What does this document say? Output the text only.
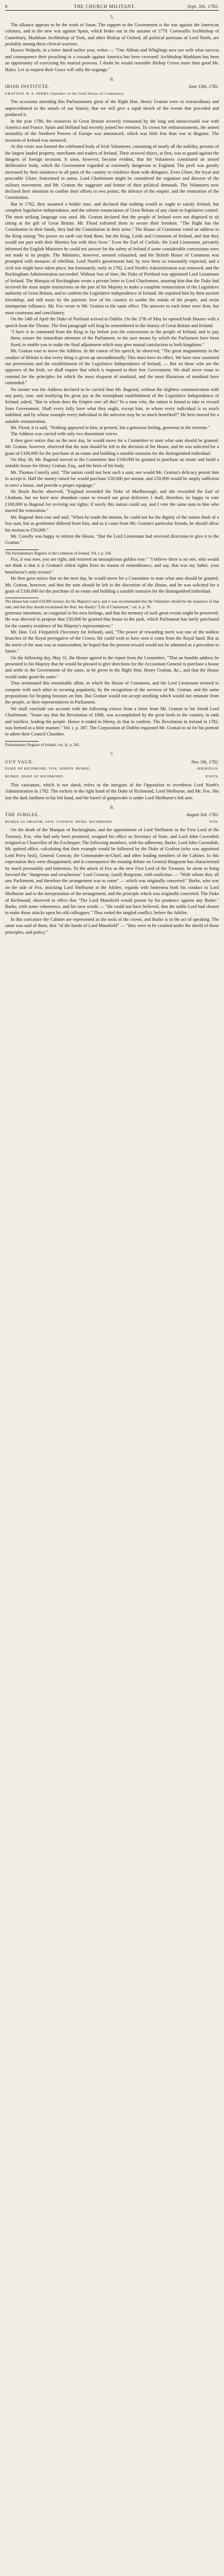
6	THE CHURCH MILITANT.	Sept. 5th, 1782.
5.

The alliance appears to be the work of Satan. The support to the Government is the war against the American colonies, and in the new war against Spain, which broke out in the autumn of 1779. Cornwallis Archbishop of Canterbury, Markham Archbishop of York, and other Bishop of Oxford, all political partisans of Lord North, are probably among these clerical warriors.

Horace Walpole, in a letter dated earlier year, writes — "Our Abbots and Whiglings now see with what success and consequence their preaching to a crusade against America has been crowned! Archbishop Markham has been an opportunity of exercising his martial prowess. I doubt he would resemble Bishop Crewe more than good Mr. Hales. Let us request their Grace will rally the oxgangs."

6.
IRISH INSTITUTE.	June 13th, 1782.
GRATTAN. R. S. PERRY (Speaker of the Irish House of Commons).

The occasions attending this Parliamentary great of the Right Hon. Henry Grattan were so extraordinary and unprecedented in the annals of our history, that we will give a rapid sketch of the events that preceded and produced it.

In the year 1780, the resources of Great Britain severely exhausted by the long and unsuccessful war with America and France. Spain and Holland had recently joined her enemies. To crown her embarrassments, the armed neutrality of the Northern Powers of Europe was announced, which was little less than war in disguise. The invasion of Ireland was menaced.

At this crisis was formed the celebrated body of Irish Volunteers, consisting of nearly all the nobility, persons of the largest landed property, merchants and traders of Ireland. Their avowed object, at first, was to guard against the dangers of foreign invasion. It soon, however, became evident, that the Volunteers constituted an armed deliberative body, which the Government regarded as extremely dangerous to England. The peril was greatly increased by their insistence in all parts of the country to reinforce them with delegates. Even Ulster, the loyal and peaceable Ulster, fraternised in union. Lord Charlemont might be considered the organiser and director of the military movement, and Mr. Grattan the suggester and framer of their political demands. The Volunteers now declared their intention to confine their efforts to two points; the defence of the empire, and the restoration of the Constitution.

But in 1782, they assumed a bolder tone, and declared that nothing would or ought to satisfy Ireland, but complete legislative independence, and the solemn renunciation of Great Britain of any claim to legislative control. The most striking language was used. Mr. Grattan declared that the people of Ireland were not disposed to sit sitting at the gift of Great Britain. Mr. Flood exhorted them to secure their freedom. "The Right has the Constitution in their hands, they had the Constitution in their arms." The House of Commons voted an address to the King stating "No power on earth can bind them, but the King, Lords and Commons of Ireland, and that they would not part with their liberties but with their lives." Even the Earl of Carlisle, the Lord Lieutenant, privately informed the English Ministers he could not answer for the safety of Ireland if some considerable concessions were not made to its people. The Ministers, however, seemed exhausted, and the British House of Commons was prompted with menaces of rebellion. Lord North's government had, by now been so reasonably expected, and a civil war might have taken place, but fortunately, early in 1782, Lord North's Administration was removed, and the Rockingham Administration succeeded. Without loss of time, the Duke of Portland was appointed Lord Lieutenant of Ireland. The Marquis of Rockingham wrote a private letter to Lord Charlemont, assuring him that the Duke had received the most ample instructions on the part of his Majesty to make a complete renunciation of the Legislative authority of Great Britain, and to confirm the Legislative independence of Ireland. He enjoined him by their ancient friendship, and still more by the patriotic love of his country to soothe the minds of the people, and resist intemperate influence. Mr. Fox wrote to Mr. Grattan to the same effect. The answers to each letter were firm, but most courteous and conciliatory.

On the 14th of April the Duke of Portland arrived in Dublin. On the 27th of May he opened both Houses with a speech from the Throne. The first paragraph will long be remembered in the history of Great Britain and Ireland:

"I have it in command from the King to lay before you the concessions to the people of Ireland, and to pay them, ensure the immediate attention of the Parliament, to the sure means by which the Parliament have been fixed, to enable you to make the final adjustment which may give mutual satisfaction to both kingdoms."

Mr. Grattan rose to move the Address. In the course of his speech, he observed, "The great magnanimity in the conduct of Britain is that every thing is given up unconditionally. This must have its effect. We have now sustained our pretensions and the establishment of the Legislative Independence of Ireland, — But on those who are the opposers of the Irish, we shall require that which is imposed to their free Government. We shall never cease to contend for the principles for which the most eloquent of mankind, and the most illustrious of mankind have contended."

No sooner was the Address declared to be carried than Mr. Bagenal, without the slightest communication with any party, rose, and testifying his great joy at the triumphant establishment of the Legislative Independence of Ireland, asked, "But to whom does the Empire owe all this? To a man who, the nation is bound to take to reward from Government. Shall every fully have what they ought, except him, to whom every individual is so much indebted, and by whose example every individual in the universe may be so much benefited?" He here moved for a suitable remuneration.

Mr. Flood, it is said, "Nothing appeared to him, at present, but a generous feeling, generous in the extreme."

The Address was carried with only two dissentient voices.

It then gave notice that on the next day, he would move for a Committee to state what sum should be granted. Mr. Grattan, however, observed that the sum should be left to the decision of the House, and he was solicited for a grant of £100,000 for the purchase of an estate and building a suitable mansion for the distinguished individual.

On May 30, Mr. Bagenal moved in the Committee that £100,000 be granted to purchase an estate and build a suitable house for Henry Grattan, Esq., and the heirs of his body.

Mr. Thomas Conolly said, "The nation could not bear such a sum; nor would Mr. Grattan's delicacy permit him to accept it. Half the money raised for would purchase £50,000 per annum, and £50,000 would be amply sufficient to erect a house, and provide a proper equipage."

Sir Boyle Roche observed, "England rewarded the Duke of Marlborough, and she rewarded the Earl of Chatham, but we have now abundant cause to reward our great deliverer; I shall, therefore, be happy to vote £100,000 to Bagenal for reviving our rights; if surely this nation could say, and I vote the same sum to him who moved the restoration."

Mr. Bagenal then rose and said, "When he made the motion, he could not for the dignity of the nation think of a less sum, but as gentlemen differed from him, and as it came from Mr. Grattan's particular friends, he should allow his motion to £50,000."

Mr. Conolly was happy to inform the House, "that the Lord Lieutenant had received directions to give it to the Grattan."

The Parliamentary Register of the Commons of Ireland, Vol. I. p. 334.

Fox, it was now, you are right, and restored an unsuspicious golden rose." "I believe there is no one, who would not think it that it is Grattan's oldest rights from its reason of remembrance, and say, that was my father, your benefactor's only reward."

He then gave notice that on the next day, he would move for a Committee to state what sum should be granted. Mr. Grattan, however, and that the sum should be left to the discretion of the House, and he was solicited for a grant of £100,000 for the purchase of an estate and building a suitable mansion for the distinguished individual.

The House had voted £50,000 moneys for his Majesty's navy, and it was recommended that the Volunteers should be the treasurers of that sum, and that they should recommend the fleet. See Hardy's "Life of Charlemont," vol. ii. p. 78.

generous intentions, so congenial to his own feelings, and that the memory of such great events might be preserved. He was directed to propose that £50,000 be granted that house in the park, which Parliament has lately purchased for the country residence of his Majesty's representatives."

Mr. Hon. Col. Fitzpatrick (Secretary for Ireland), said, "The power of rewarding merit was one of the noblest branches of the Royal prerogative of the Crown. He could wish to have seen it come from the Royal hand. But as the merit of the man was so transcendent, he hoped that the present reward would not be admitted as a precedent in future."

On the following day, May 31, the House agreed to the report from the Committee, "That an humble address be presented to his Majesty that he would be pleased to give directions for the Accountant General to purchase a house and settle in the Government of the same, to be given to the Right Hon. Henry Grattan, &c., and that the House would make good the same."

Thus terminated this remarkable affair, in which the House of Commons, and the Lord Lieutenant seemed to compete with each other in securing popularity, by the recognition of the services of Mr. Grattan, and the same propositions for heaping honours on him. But Grattan would not accept anything which would not emanate from the people, or their representatives in Parliament.

We shall conclude our account with the following extract from a letter from Mr. Grattan to his friend Lord Charlemont. "Some say that the Revolution of 1688, was accomplished by the great lords in the country, in rank and intellect, leading the people. Hence it ended in liberty, in that to confirm. The Revolution in Ireland in 1782, was formed in a little manner." Vol. i. p. 387. The Corporation of Dublin requested Mr. Grattan to sit for his portrait to adorn their Council Chamber.

Parliamentary Register of Ireland, vol. iii. p. 345.
7.
GUY VAUX.	Nov. 5th, 1782.
DUKE OF RICHMOND. FOX. NORTH. BURKE.	SHERIDAN.
BURKE. DUKE OF RICHMOND.	EXITS.

This caricature, which is not dated, refers to the intrigues of the Opposition to overthrow Lord North's Administration in 1782. The rockets in the right hand of the Duke of Richmond, Lord Shelburne, and Mr. Fox. His lost the dark lanthorn in his left hand, and the barrel of gunpowder is under Lord Shelburne's left arm.

8.
THE JUBILEE.	August 3rd, 1782.
BURKE AS ORATOR. GEN. CONWAY. DUKE. RICHMOND.	FOX.

On the death of the Marquis of Rockingham, and the appointment of Lord Shelburne as the First Lord of the Treasury, Fox, who had only been promised, resigned his office as Secretary of State, and Lord John Cavendish resigned as Chancellor of the Exchequer. The following members, with his adherents, Burke, Lord John Cavendish, Mr. quitted office, calculating that their example would be followed by the Duke of Grafton (who was appointed Lord Privy Seal), General Conway, the Commander-in-Chief, and other leading members of the Cabinet. In this expectation they were disappointed, and in consequence the ensuing debate on General Burgoyne has characterised by much personality and bitterness. To the attack of Fox as the new First Lord of the Treasury, he alone to bring forward the "dangerous and treacherous" Lord Conway, (said) Burgoyne, with malicious — "With whom they all saw Parliament, and therefore the arrangement was to come" — which was originally concerted." Burke, who was on the side of Fox, attacking Lord Shelburne at the Jubilee, regards with bitterness both his conduct to Lord Shelburne and to the interpretation of the arrangement, and the principle which was originally concerted. The Duke of Richmond, observed in effect that "The Lord Mansfield would pursue by his prudence against any Burke." Burke, with some vehemence, and his own words — "He could not have believed, that the noble Lord had chosen to make those attacks upon his old colleagues." Thus ended the tangled conflict, before the Jubilee.

In this caricature the Cabinet are represented as the tools of the crown, and Burke is in the act of speaking. The same was said of them, that "of the hands of Lord Mansfield" — "they were to be crushed under the shield of those principles, and policy."
